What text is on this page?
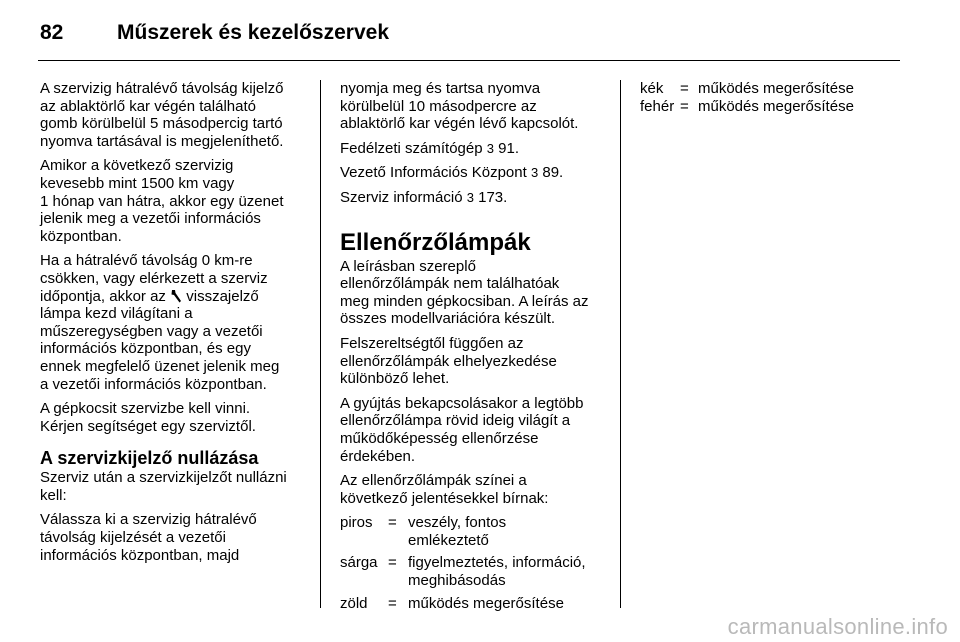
82	Műszerek és kezelőszervek

A szervizig hátralévő távolság kijelző
az ablaktörlő kar végén található
gomb körülbelül 5 másodpercig tartó
nyomva tartásával is megjeleníthető.

Amikor a következő szervizig
kevesebb mint 1500 km vagy
1 hónap van hátra, akkor egy üzenet
jelenik meg a vezetői információs
központban.

Ha a hátralévő távolság 0 km-re
csökken, vagy elérkezett a szerviz
időpontja, akkor az  visszajelző
lámpa kezd világítani a
műszeregységben vagy a vezetői
információs központban, és egy
ennek megfelelő üzenet jelenik meg
a vezetői információs központban.

A gépkocsit szervizbe kell vinni.
Kérjen segítséget egy szerviztől.

A szervizkijelző nullázása

Szerviz után a szervizkijelzőt nullázni
kell:

Válassza ki a szervizig hátralévő
távolság kijelzését a vezetői
információs központban, majd

nyomja meg és tartsa nyomva
körülbelül 10 másodpercre az
ablaktörlő kar végén lévő kapcsolót.

Fedélzeti számítógép 3 91.

Vezető Információs Központ 3 89.

Szerviz információ 3 173.

Ellenőrzőlámpák

A leírásban szereplő
ellenőrzőlámpák nem találhatóak
meg minden gépkocsiban. A leírás az
összes modellvariációra készült.

Felszereltségtől függően az
ellenőrzőlámpák elhelyezkedése
különböző lehet.

A gyújtás bekapcsolásakor a legtöbb
ellenőrzőlámpa rövid ideig világít a
működőképesség ellenőrzése
érdekében.

Az ellenőrzőlámpák színei a
következő jelentésekkel bírnak:

piros	= veszély, fontos
emlékeztető
sárga = figyelmeztetés, információ,
meghibásodás
zöld	= működés megerősítése
kék	= működés megerősítése
fehér = működés megerősítése
carmanualsonline.info
